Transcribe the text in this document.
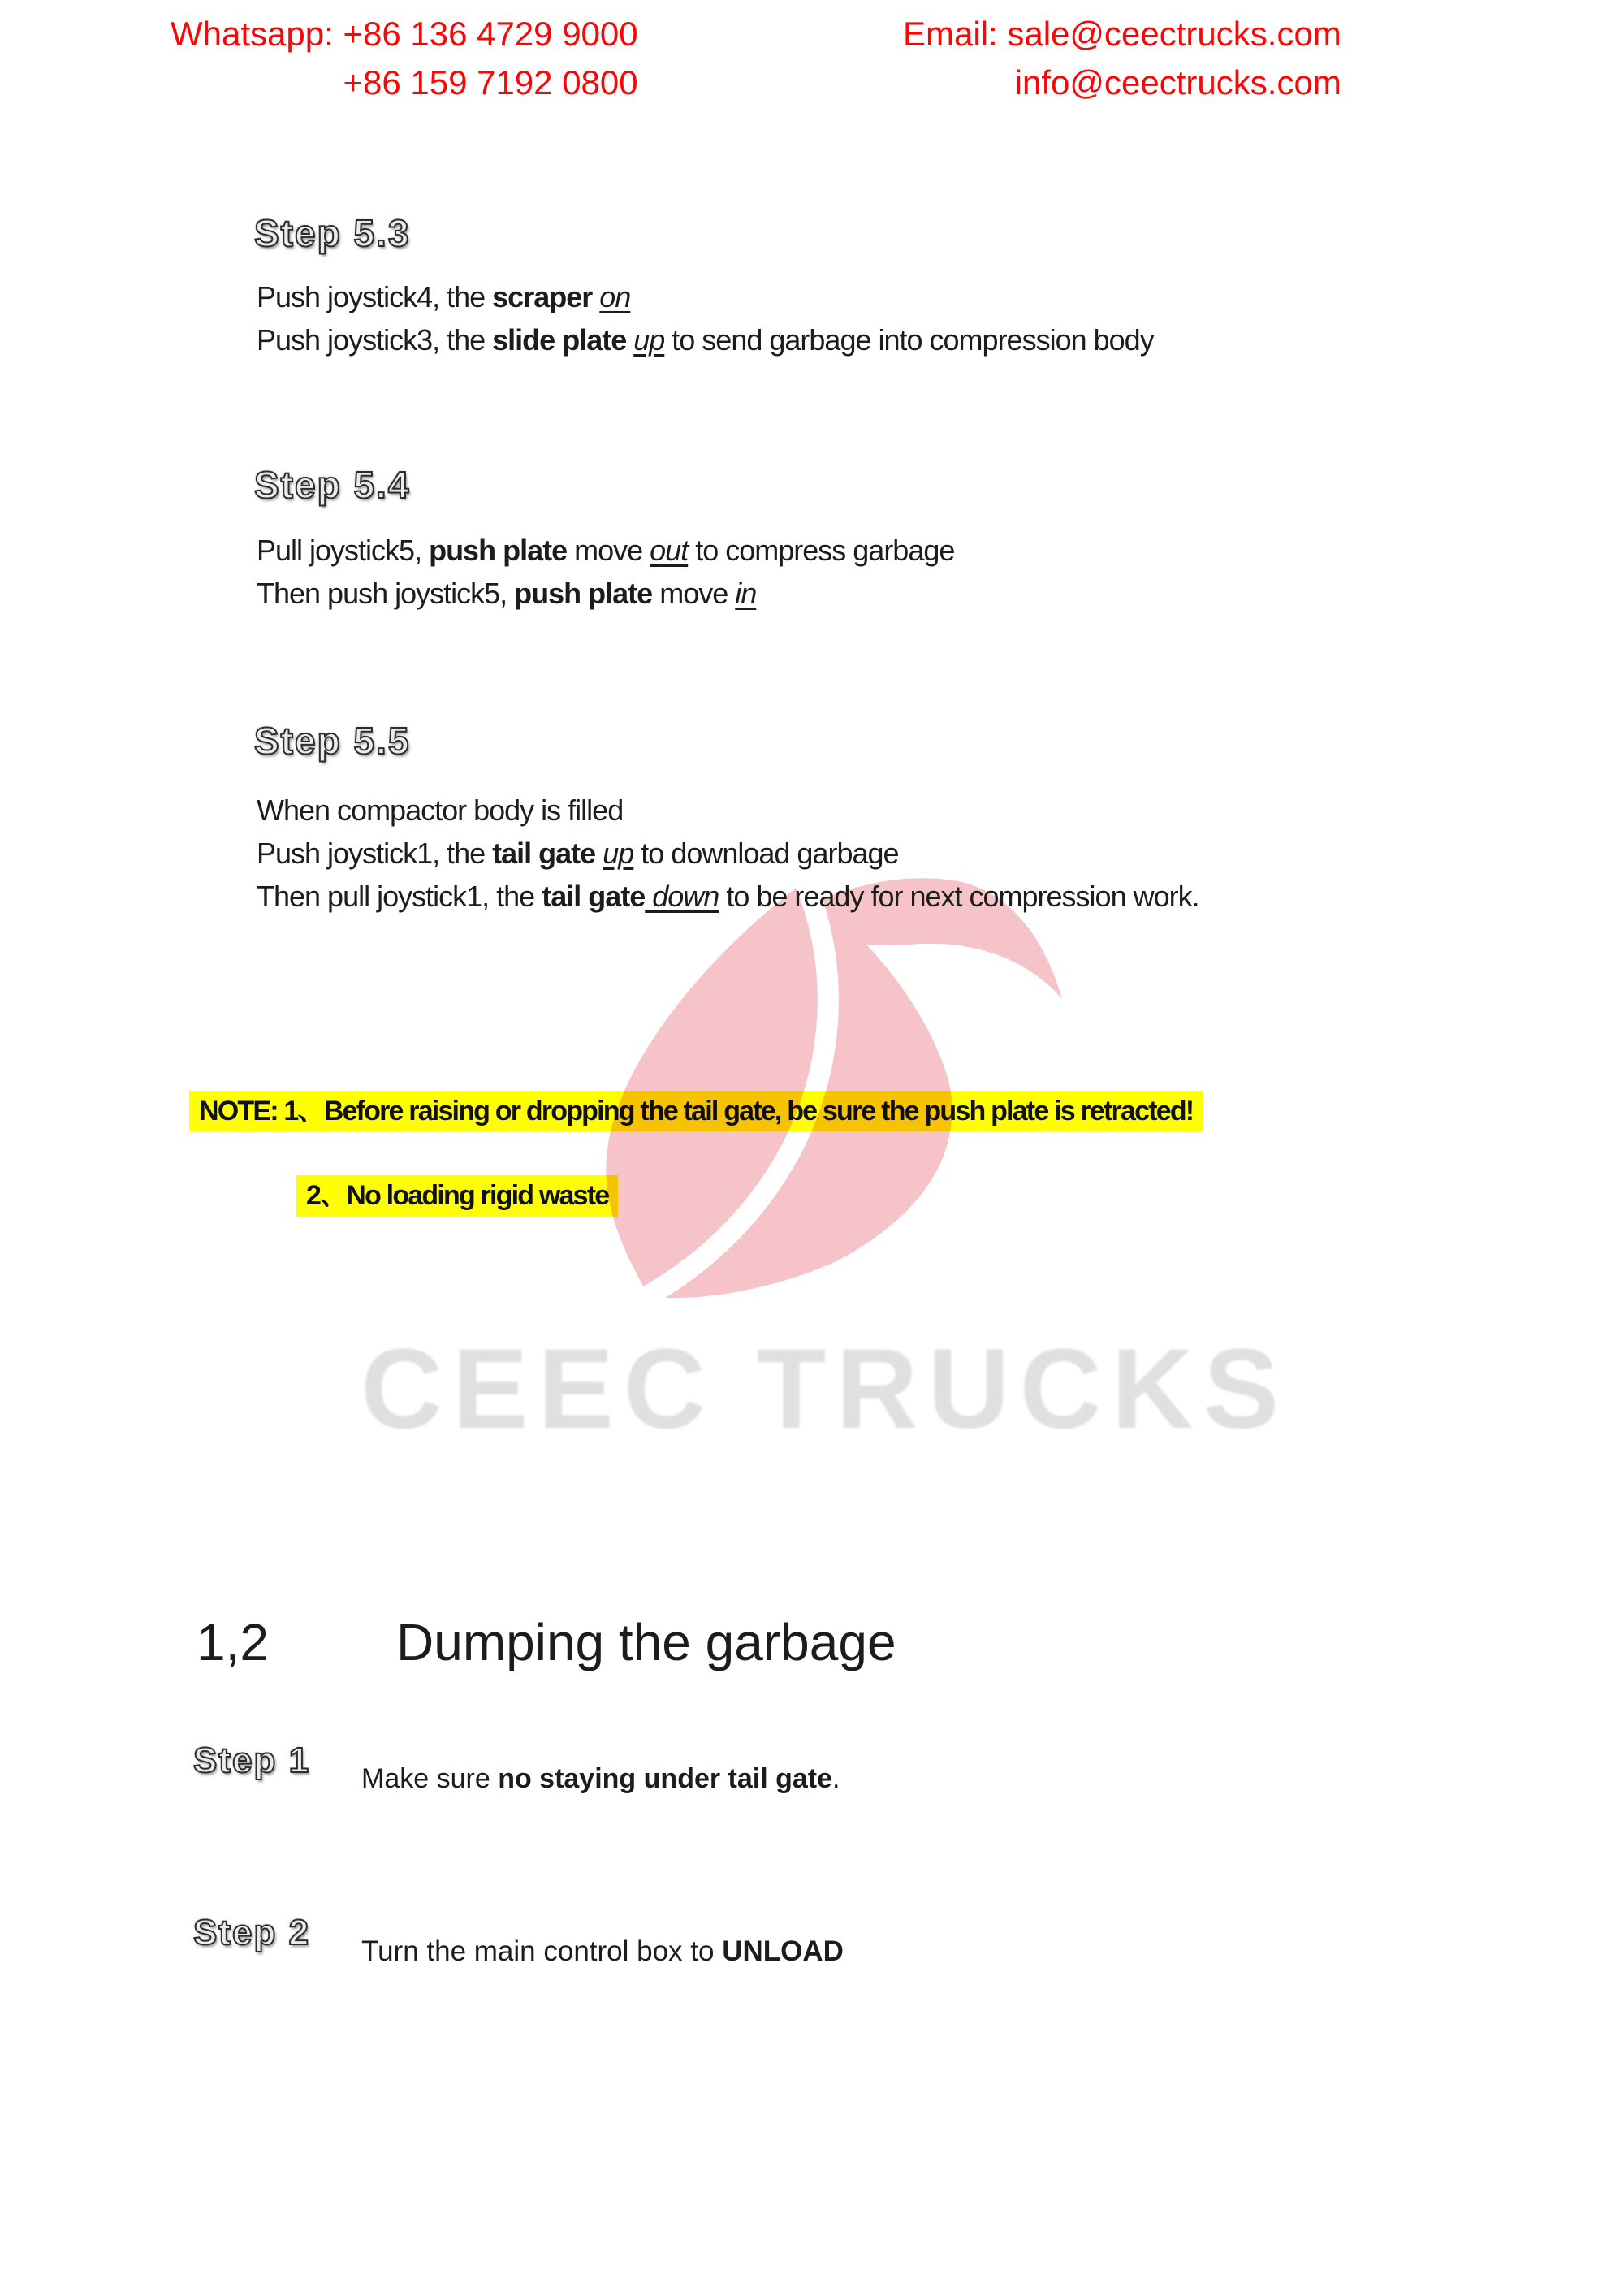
Whatsapp: +86 136 4729 9000
+86 159 7192 0800
Email: sale@ceectrucks.com
info@ceectrucks.com
CEEC TRUCKS
Step 5.3
Push joystick4, the scraper on
Push joystick3, the slide plate up to send garbage into compression body
Step 5.4
Pull joystick5, push plate move out to compress garbage
Then push joystick5, push plate move in
Step 5.5
When compactor body is filled
Push joystick1, the tail gate up to download garbage
Then pull joystick1, the tail gate down to be ready for next compression work.
NOTE: 1、Before raising or dropping the tail gate, be sure the push plate is retracted!
2、No loading rigid waste
1,2 Dumping the garbage
Step 1 Make sure no staying under tail gate.
Step 2 Turn the main control box to UNLOAD
